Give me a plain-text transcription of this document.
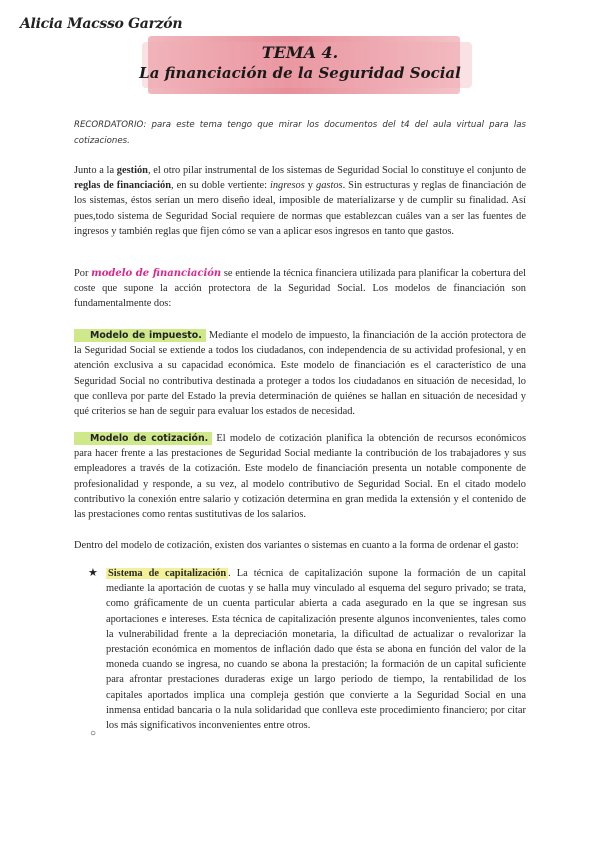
Alicia Macsso Garzón
TEMA 4.
La financiación de la Seguridad Social
RECORDATORIO: para este tema tengo que mirar los documentos del t4 del aula virtual para las cotizaciones.
Junto a la gestión, el otro pilar instrumental de los sistemas de Seguridad Social lo constituye el conjunto de reglas de financiación, en su doble vertiente: ingresos y gastos. Sin estructuras y reglas de financiación de los sistemas, éstos serían un mero diseño ideal, imposible de materializarse y de cumplir su finalidad. Así pues,todo sistema de Seguridad Social requiere de normas que establezcan cuáles van a ser las fuentes de ingresos y también reglas que fijen cómo se van a aplicar esos ingresos en tanto que gastos.
Por modelo de financiación se entiende la técnica financiera utilizada para planificar la cobertura del coste que supone la acción protectora de la Seguridad Social. Los modelos de financiación son fundamentalmente dos:
Modelo de impuesto. Mediante el modelo de impuesto, la financiación de la acción protectora de la Seguridad Social se extiende a todos los ciudadanos, con independencia de su actividad profesional, y en atención exclusiva a su capacidad económica. Este modelo de financiación es el característico de una Seguridad Social no contributiva destinada a proteger a todos los ciudadanos en situación de necesidad, lo que conlleva por parte del Estado la previa determinación de quiénes se hallan en situación de necesidad y qué criterios se han de seguir para evaluar los estados de necesidad.
Modelo de cotización. El modelo de cotización planifica la obtención de recursos económicos para hacer frente a las prestaciones de Seguridad Social mediante la contribución de los trabajadores y sus empleadores a través de la cotización. Este modelo de financiación presenta un notable componente de profesionalidad y responde, a su vez, al modelo contributivo de Seguridad Social. En el citado modelo contributivo la conexión entre salario y cotización determina en gran medida la extensión y el contenido de las prestaciones como rentas sustitutivas de los salarios.
Dentro del modelo de cotización, existen dos variantes o sistemas en cuanto a la forma de ordenar el gasto:
★ Sistema de capitalización . La técnica de capitalización supone la formación de un capital mediante la aportación de cuotas y se halla muy vinculado al esquema del seguro privado; se trata, como gráficamente de un cuenta particular abierta a cada asegurado en la que se ingresan sus aportaciones e intereses. Esta técnica de capitalización presente algunos inconvenientes, tales como la vulnerabilidad frente a la depreciación monetaria, la dificultad de actualizar o revalorizar la prestación económica en momentos de inflación dado que ésta se abona en función del valor de la moneda cuando se ingresa, no cuando se abona la prestación; la formación de un capital suficiente para afrontar prestaciones duraderas exige un largo periodo de tiempo, la rentabilidad de los capitales aportados implica una compleja gestión que convierte a la Seguridad Social en una inmensa entidad bancaria o la nula solidaridad que conlleva este procedimiento financiero; por citar los más significativos inconvenientes entre otros.
○
